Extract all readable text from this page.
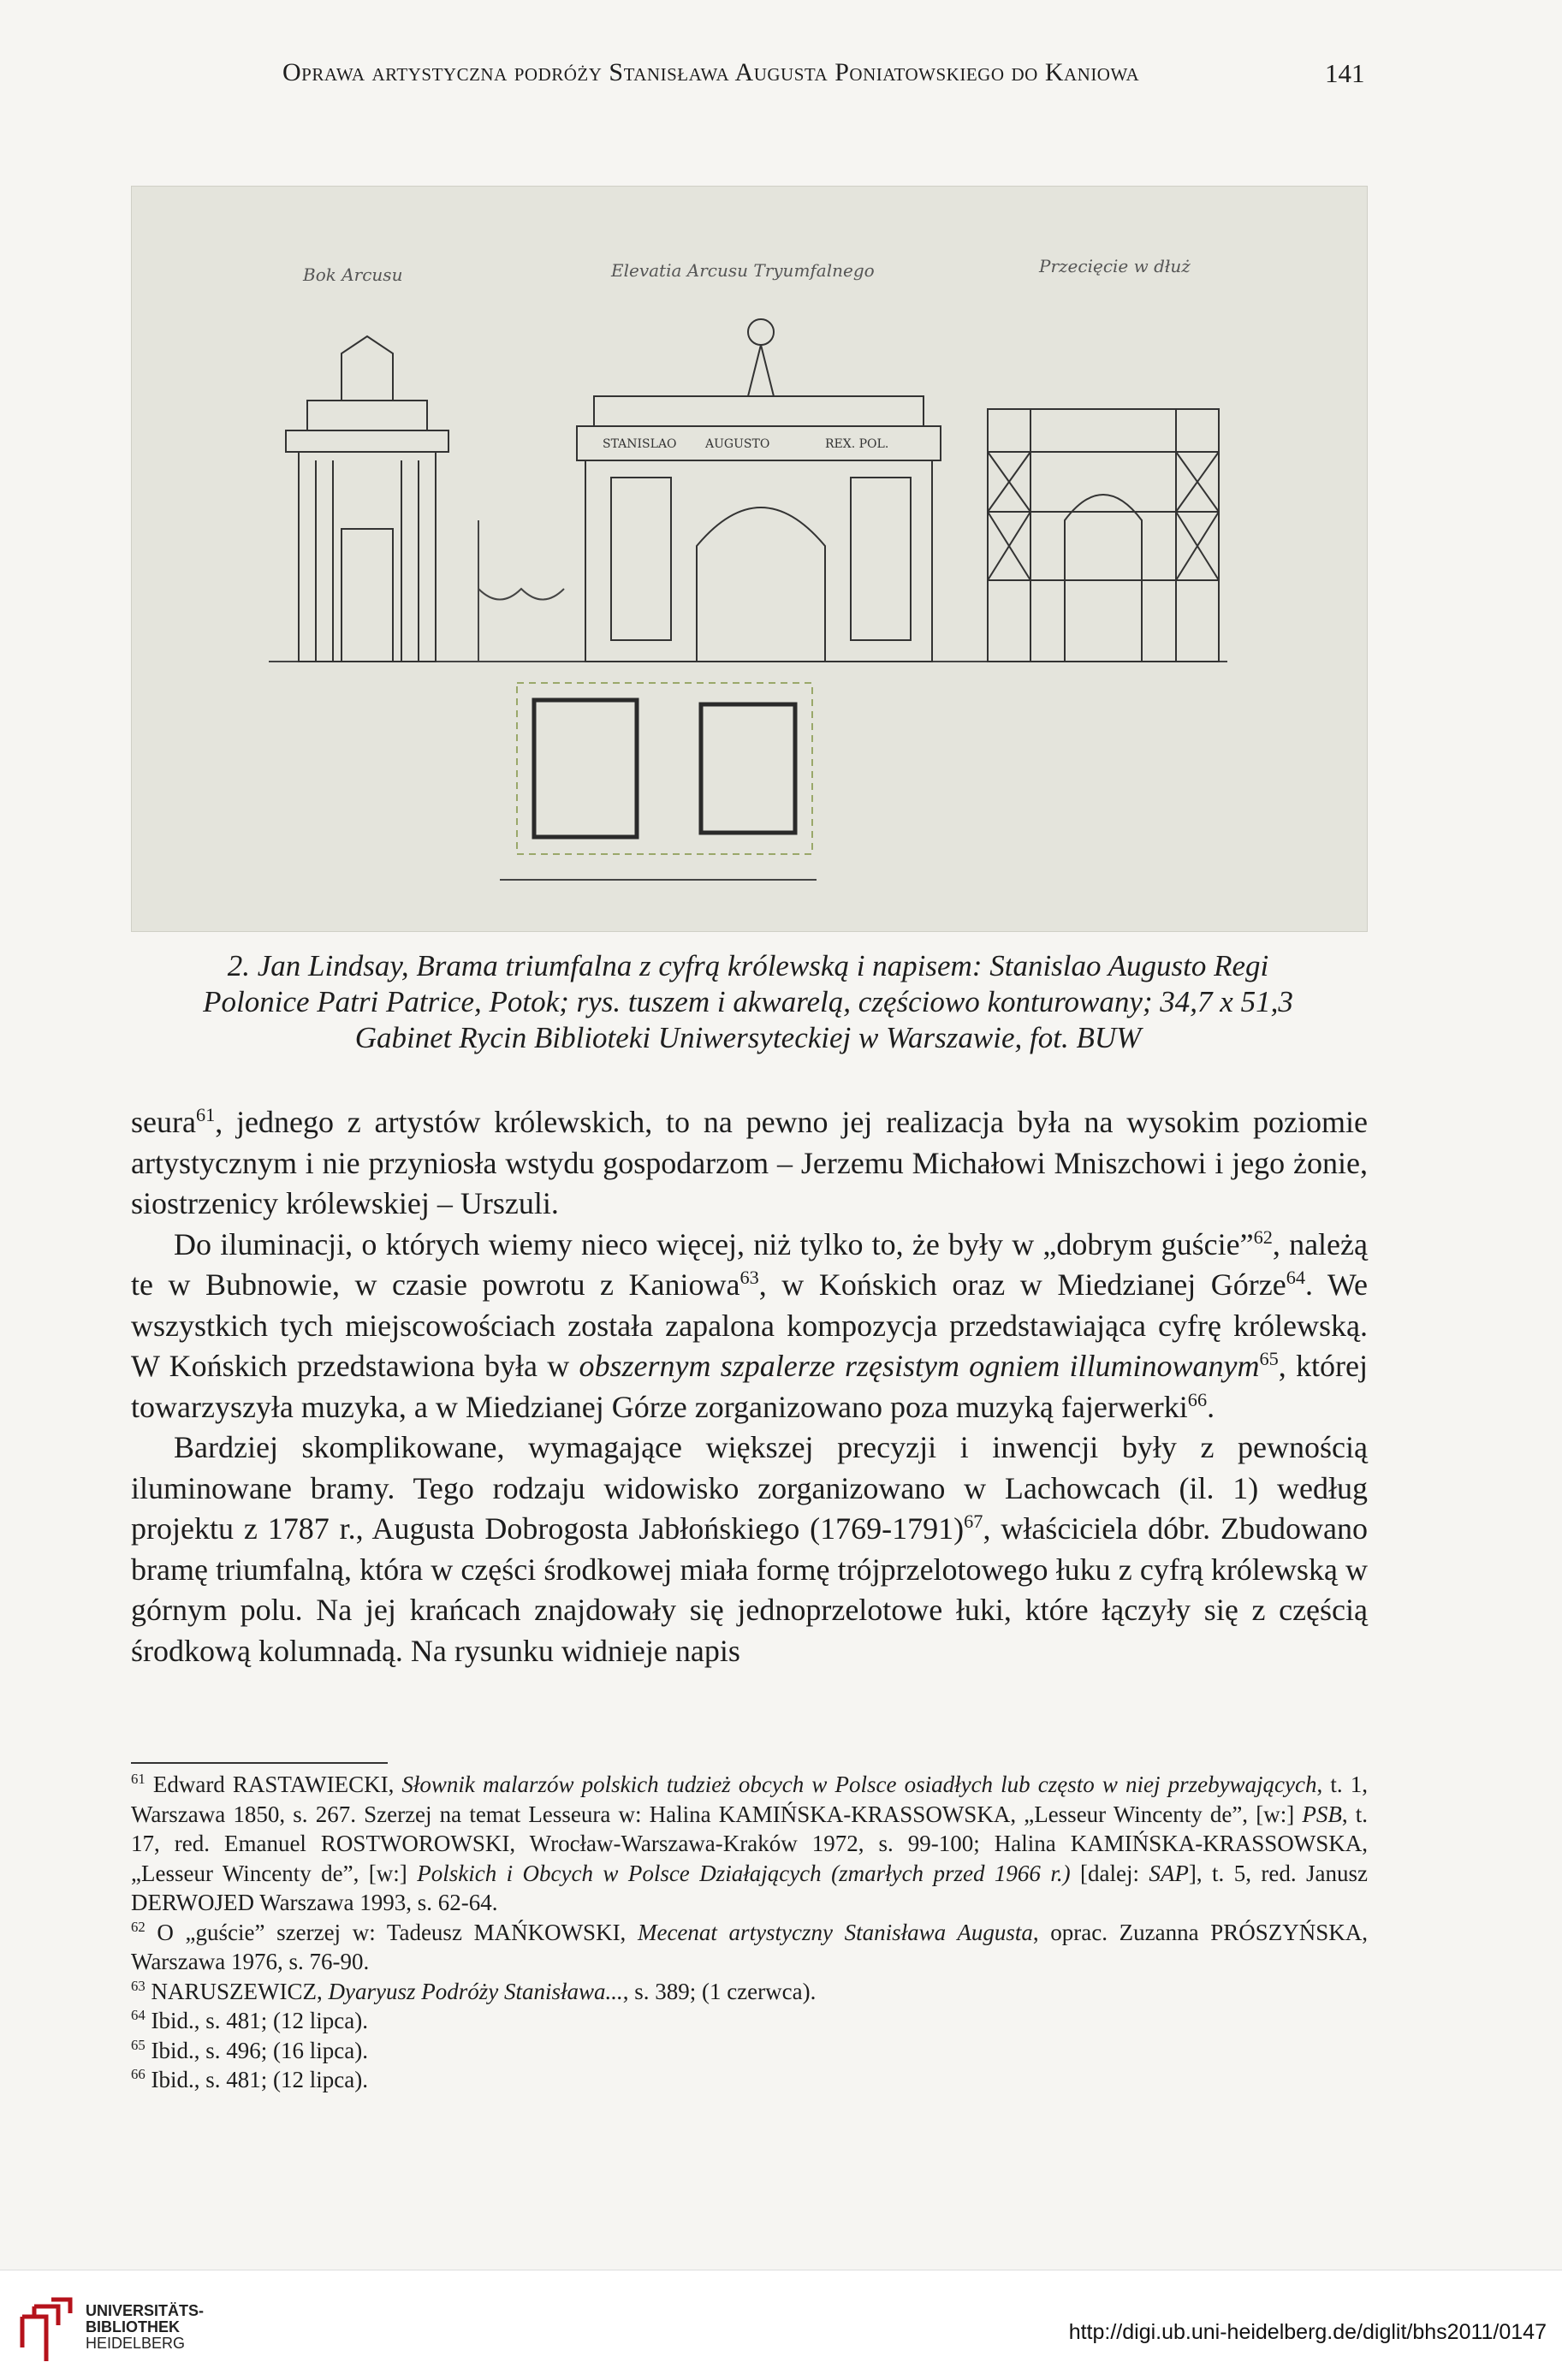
Oprawa artystyczna podróży Stanisława Augusta Poniatowskiego do Kaniowa	141
Bok Arcusu	Elevatia Arcusu Tryumfalnego	Przecięcie w dłuż
STANISLAO AUGUSTO	REX. POL.

2. Jan Lindsay, Brama triumfalna z cyfrą królewską i napisem: Stanislao Augusto Regi

Polonice Patri Patrice, Potok; rys. tuszem i akwarelą, częściowo konturowany; 34,7 x 51,3

Gabinet Rycin Biblioteki Uniwersyteckiej w Warszawie, fot. BUW

seura$^{61}$, jednego z artystów królewskich, to na pewno jej realizacja była na wysokim poziomie artystycznym i nie przyniosła wstydu gospodarzom – Jerzemu Michałowi Mniszchowi i jego żonie, siostrzenicy królewskiej – Urszuli.

Do iluminacji, o których wiemy nieco więcej, niż tylko to, że były w „dobrym guście”$^{62}$, należą te w Bubnowie, w czasie powrotu z Kaniowa$^{63}$, w Końskich oraz w Miedzianej Górze$^{64}$. We wszystkich tych miejscowościach została zapalona kompozycja przedstawiająca cyfrę królewską. W Końskich przedstawiona była w obszernym szpalerze rzęsistym ogniem illuminowanym$^{65}$, której towarzyszyła muzyka, a w Miedzianej Górze zorganizowano poza muzyką fajerwerki$^{66}$.

Bardziej skomplikowane, wymagające większej precyzji i inwencji były z pewnością iluminowane bramy. Tego rodzaju widowisko zorganizowano w Lachowcach (il. 1) według projektu z 1787 r., Augusta Dobrogosta Jabłońskiego (1769-1791)$^{67}$, właściciela dóbr. Zbudowano bramę triumfalną, która w części środkowej miała formę trójprzelotowego łuku z cyfrą królewską w górnym polu. Na jej krańcach znajdowały się jednoprzelotowe łuki, które łączyły się z częścią środkową kolumnadą. Na rysunku widnieje napis

$^{61}$ Edward RASTAWIECKI, Słownik malarzów polskich tudzież obcych w Polsce osiadłych lub często w niej przebywających, t. 1, Warszawa 1850, s. 267. Szerzej na temat Lesseura w: Halina KAMIŃSKA-KRASSOWSKA, „Lesseur Wincenty de”, [w:] PSB, t. 17, red. Emanuel ROSTWOROWSKI, Wrocław-Warszawa-Kraków 1972, s. 99-100; Halina KAMIŃSKA-KRASSOWSKA, „Lesseur Wincenty de”, [w:] Polskich i Obcych w Polsce Działających (zmarłych przed 1966 r.) [dalej: SAP], t. 5, red. Janusz DERWOJED Warszawa 1993, s. 62-64.

$^{62}$ O „guście” szerzej w: Tadeusz MAŃKOWSKI, Mecenat artystyczny Stanisława Augusta, oprac. Zuzanna PRÓSZYŃSKA, Warszawa 1976, s. 76-90.

$^{63}$ NARUSZEWICZ, Dyaryusz Podróży Stanisława..., s. 389; (1 czerwca).

$^{64}$ Ibid., s. 481; (12 lipca).

$^{65}$ Ibid., s. 496; (16 lipca).

$^{66}$ Ibid., s. 481; (12 lipca).

UNIVERSITÄTS-
BIBLIOTHEK
HEIDELBERG	http://digi.ub.uni-heidelberg.de/diglit/bhs2011/0147
